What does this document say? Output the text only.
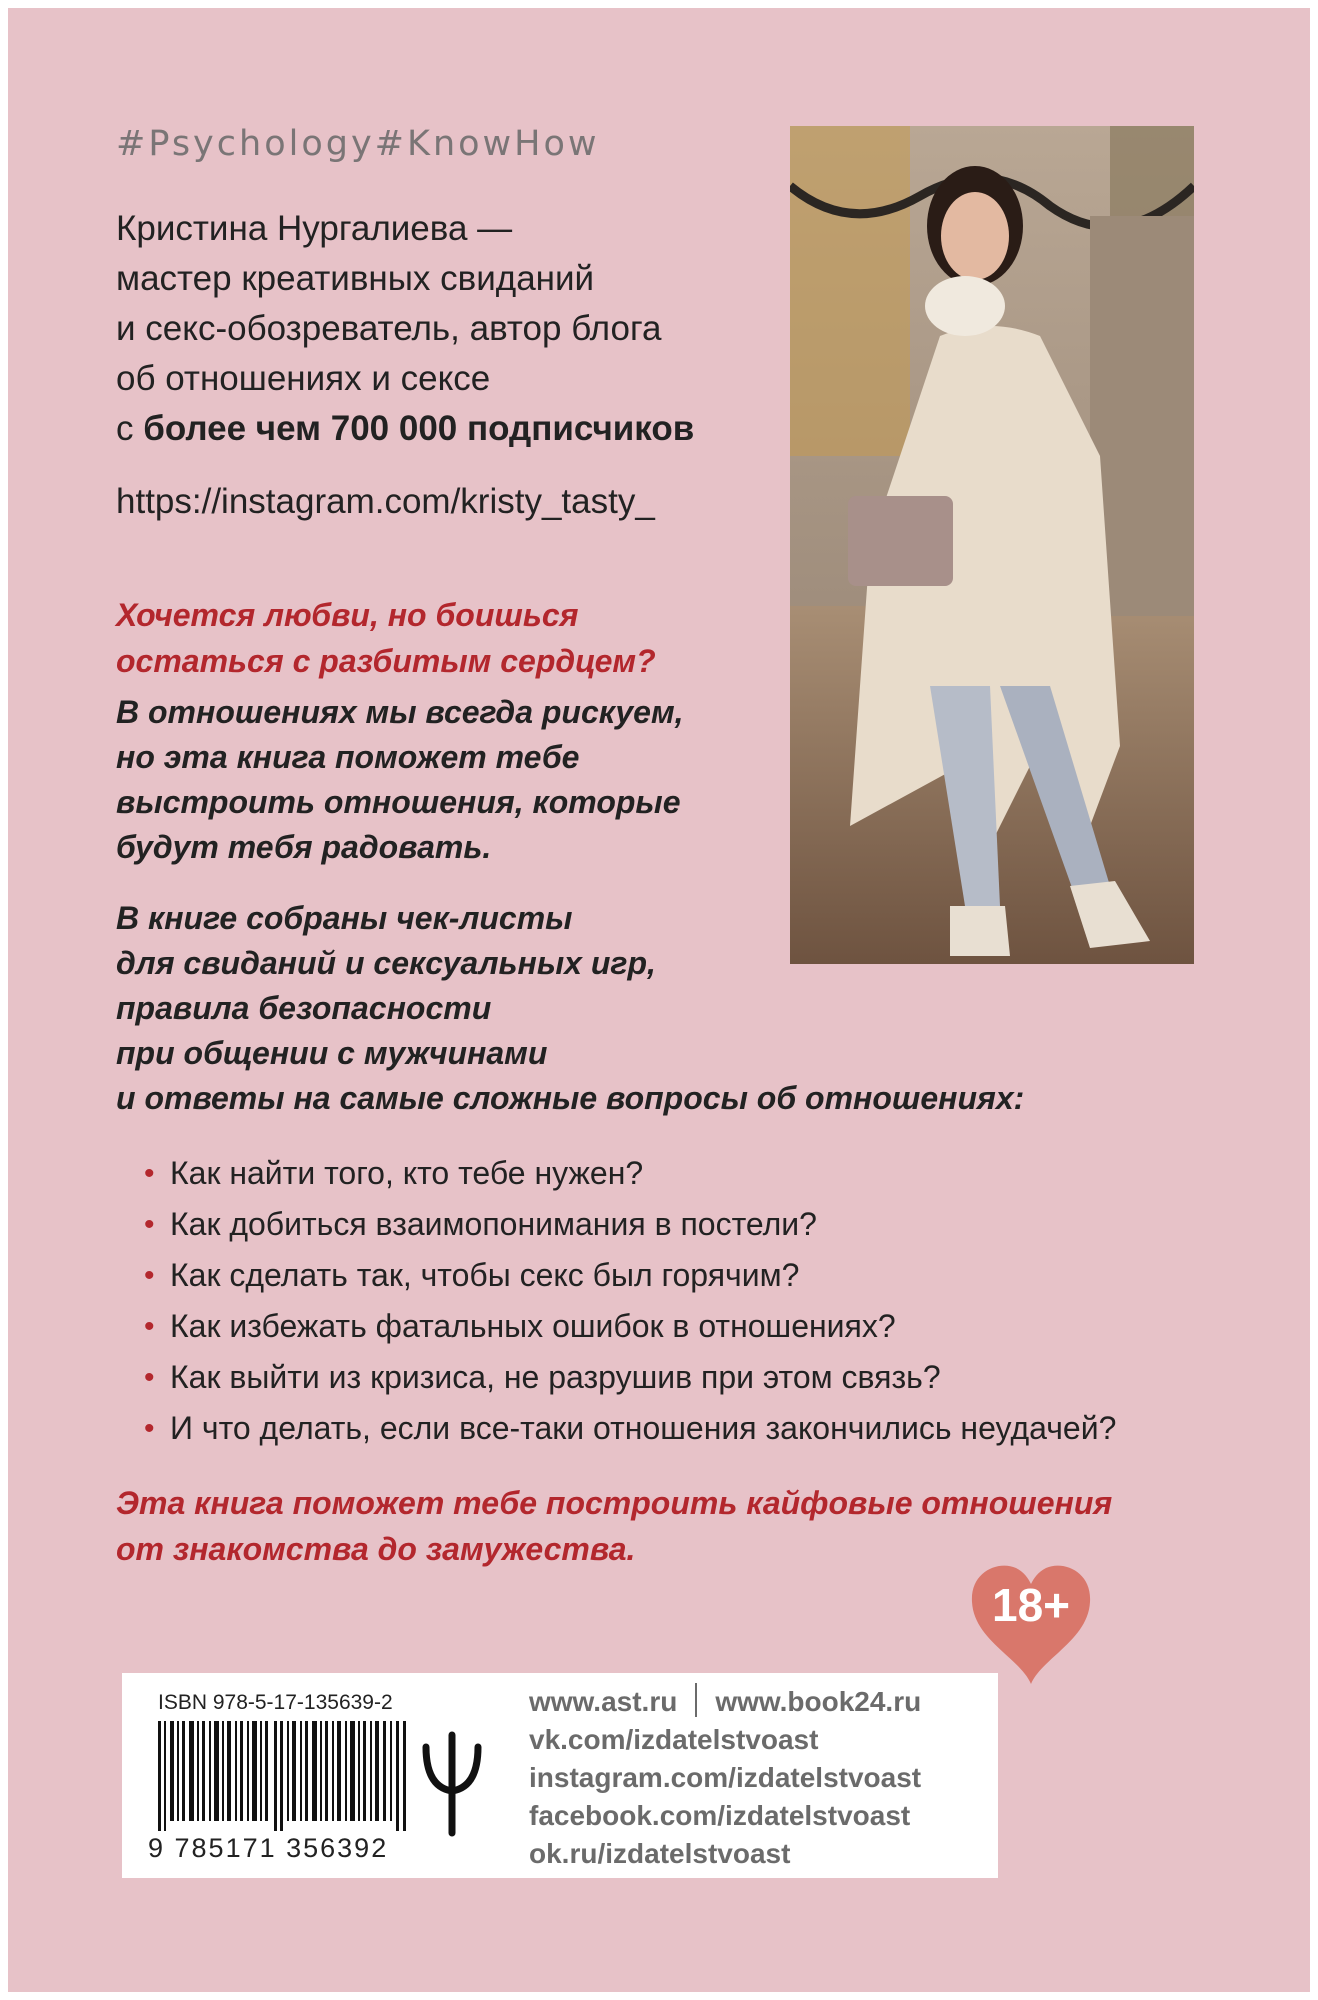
#Psychology#KnowHow
Кристина Нургалиева —
мастер креативных свиданий
и секс-обозреватель, автор блога
об отношениях и сексе
с более чем 700 000 подписчиков
https://instagram.com/kristy_tasty_
Хочется любви, но боишься
остаться с разбитым сердцем?
В отношениях мы всегда рискуем,
но эта книга поможет тебе
выстроить отношения, которые
будут тебя радовать.
В книге собраны чек-листы
для свиданий и сексуальных игр,
правила безопасности
при общении с мужчинами
и ответы на самые сложные вопросы об отношениях:
• Как найти того, кто тебе нужен?
• Как добиться взаимопонимания в постели?
• Как сделать так, чтобы секс был горячим?
• Как избежать фатальных ошибок в отношениях?
• Как выйти из кризиса, не разрушив при этом связь?
• И что делать, если все-таки отношения закончились неудачей?
Эта книга поможет тебе построить кайфовые отношения
от знакомства до замужества.
18+
ISBN 978-5-17-135639-2
9 785171 356392
www.ast.ru www.book24.ru
vk.com/izdatelstvoast
instagram.com/izdatelstvoast
facebook.com/izdatelstvoast
ok.ru/izdatelstvoast
